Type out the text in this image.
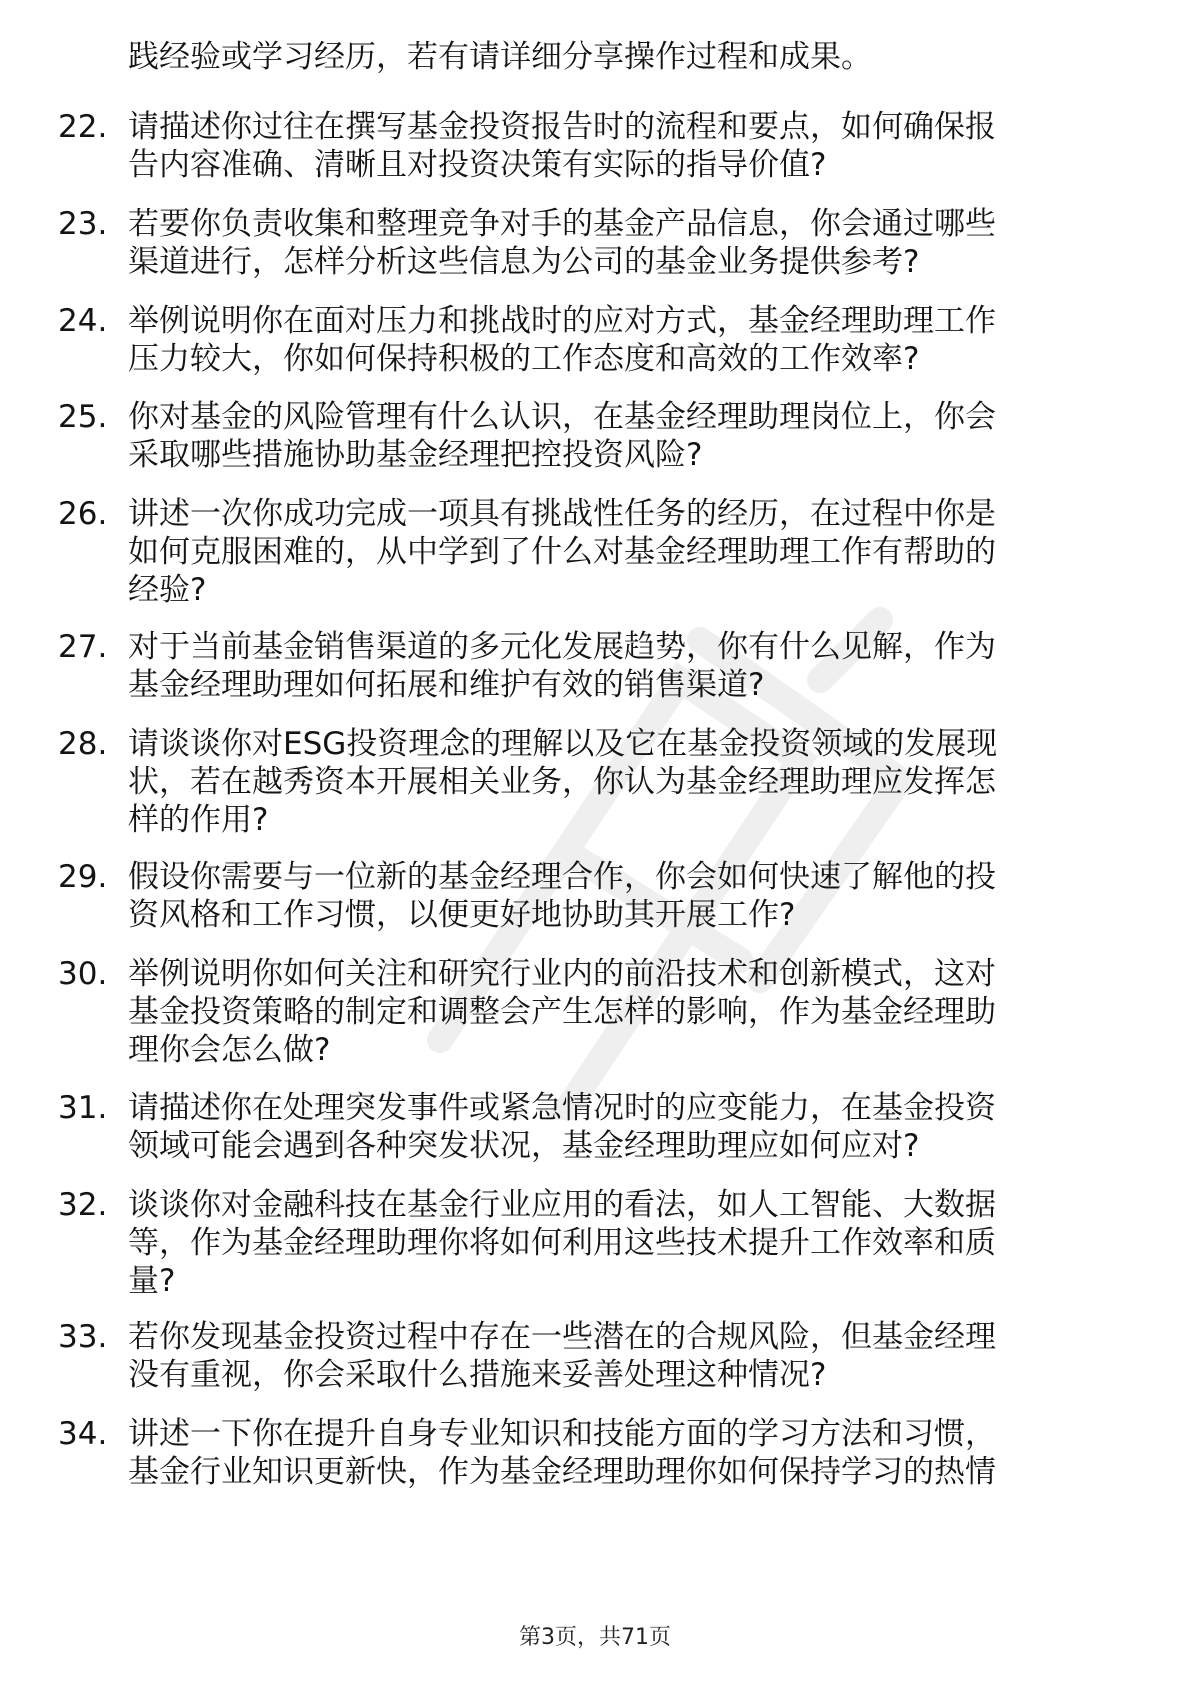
践经验或学习经历，若有请详细分享操作过程和成果。
22. 请描述你过往在撰写基金投资报告时的流程和要点，如何确保报
告内容准确、清晰且对投资决策有实际的指导价值?
23. 若要你负责收集和整理竞争对手的基金产品信息，你会通过哪些
渠道进行，怎样分析这些信息为公司的基金业务提供参考?
24. 举例说明你在面对压力和挑战时的应对方式，基金经理助理工作
压力较大，你如何保持积极的工作态度和高效的工作效率?
25. 你对基金的风险管理有什么认识，在基金经理助理岗位上，你会
采取哪些措施协助基金经理把控投资风险?
26. 讲述一次你成功完成一项具有挑战性任务的经历，在过程中你是
如何克服困难的，从中学到了什么对基金经理助理工作有帮助的
经验?
27. 对于当前基金销售渠道的多元化发展趋势，你有什么见解，作为
基金经理助理如何拓展和维护有效的销售渠道?
28. 请谈谈你对ESG投资理念的理解以及它在基金投资领域的发展现
状，若在越秀资本开展相关业务，你认为基金经理助理应发挥怎
样的作用?
29. 假设你需要与一位新的基金经理合作，你会如何快速了解他的投
资风格和工作习惯，以便更好地协助其开展工作?
30. 举例说明你如何关注和研究行业内的前沿技术和创新模式，这对
基金投资策略的制定和调整会产生怎样的影响，作为基金经理助
理你会怎么做?
31. 请描述你在处理突发事件或紧急情况时的应变能力，在基金投资
领域可能会遇到各种突发状况，基金经理助理应如何应对?
32. 谈谈你对金融科技在基金行业应用的看法，如人工智能、大数据
等，作为基金经理助理你将如何利用这些技术提升工作效率和质
量?
33. 若你发现基金投资过程中存在一些潜在的合规风险，但基金经理
没有重视，你会采取什么措施来妥善处理这种情况?
34. 讲述一下你在提升自身专业知识和技能方面的学习方法和习惯，
基金行业知识更新快，作为基金经理助理你如何保持学习的热情
第3页，共71页
